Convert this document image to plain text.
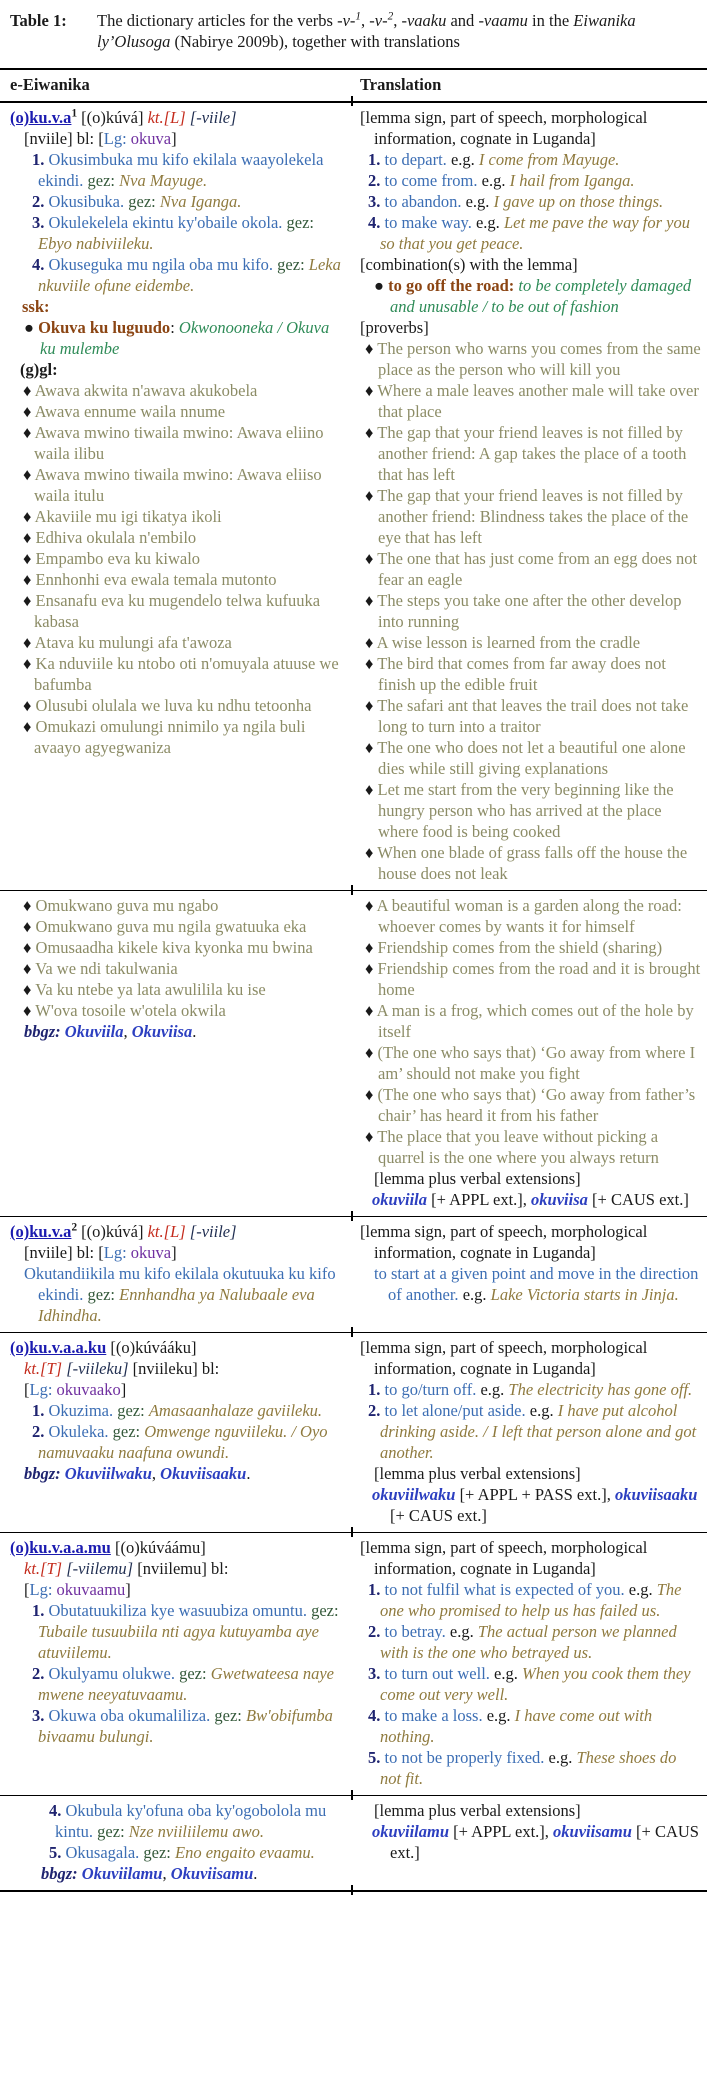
Table 1:	The dictionary articles for the verbs -v-$^1$, -v-$^2$, -vaaku and -vaamu in the Eiwanika ly’Olusoga (Nabirye 2009b), together with translations
e-Eiwanika	Translation
$(o)ku.v.a^1$ [(o)kúvá] kt.[L] [-viile]
[nviile] bl: [Lg: okuva]
1. Okusimbuka mu kifo ekilala waayolekela ekindi. gez: Nva Mayuge.
2. Okusibuka. gez: Nva Iganga.
3. Okulekelela ekintu ky'obaile okola. gez: Ebyo nabiviileku.
4. Okuseguka mu ngila oba mu kifo. gez: Leka nkuviile ofune eidembe.
ssk:
● Okuva ku luguudo: Okwonooneka / Okuva ku mulembe
(g)gl:
♦ Awava akwita n'awava akukobela
♦ Awava ennume waila nnume
♦ Awava mwino tiwaila mwino: Awava eliino waila ilibu
♦ Awava mwino tiwaila mwino: Awava eliiso waila itulu
♦ Akaviile mu igi tikatya ikoli
♦ Edhiva okulala n'embilo
♦ Empambo eva ku kiwalo
♦ Ennhonhi eva ewala temala mutonto
♦ Ensanafu eva ku mugendelo telwa kufuuka kabasa
♦ Atava ku mulungi afa t'awoza
♦ Ka nduviile ku ntobo oti n'omuyala atuuse we bafumba
♦ Olusubi olulala we luva ku ndhu tetoonha
♦ Omukazi omulungi nnimilo ya ngila buli avaayo agyegwaniza
[lemma sign, part of speech, morphological information, cognate in Luganda]
1. to depart. e.g. I come from Mayuge.
2. to come from. e.g. I hail from Iganga.
3. to abandon. e.g. I gave up on those things.
4. to make way. e.g. Let me pave the way for you so that you get peace.
[combination(s) with the lemma]
● to go off the road: to be completely damaged and unusable / to be out of fashion
[proverbs]
♦ The person who warns you comes from the same place as the person who will kill you
♦ Where a male leaves another male will take over that place
♦ The gap that your friend leaves is not filled by another friend: A gap takes the place of a tooth that has left
♦ The gap that your friend leaves is not filled by another friend: Blindness takes the place of the eye that has left
♦ The one that has just come from an egg does not fear an eagle
♦ The steps you take one after the other develop into running
♦ A wise lesson is learned from the cradle
♦ The bird that comes from far away does not finish up the edible fruit
♦ The safari ant that leaves the trail does not take long to turn into a traitor
♦ The one who does not let a beautiful one alone dies while still giving explanations
♦ Let me start from the very beginning like the hungry person who has arrived at the place where food is being cooked
♦ When one blade of grass falls off the house the house does not leak
♦ Omukwano guva mu ngabo
♦ Omukwano guva mu ngila gwatuuka eka
♦ Omusaadha kikele kiva kyonka mu bwina
♦ Va we ndi takulwania
♦ Va ku ntebe ya lata awulilila ku ise
♦ W'ova tosoile w'otela okwila
bbgz: Okuviila, Okuviisa.
♦ A beautiful woman is a garden along the road: whoever comes by wants it for himself
♦ Friendship comes from the shield (sharing)
♦ Friendship comes from the road and it is brought home
♦ A man is a frog, which comes out of the hole by itself
♦ (The one who says that) ‘Go away from where I am’ should not make you fight
♦ (The one who says that) ‘Go away from father’s chair’ has heard it from his father
♦ The place that you leave without picking a quarrel is the one where you always return
[lemma plus verbal extensions]
okuviila [+ APPL ext.], okuviisa [+ CAUS ext.]
$(o)ku.v.a^2$ [(o)kúvá] kt.[L] [-viile]
[nviile] bl: [Lg: okuva]
Okutandiikila mu kifo ekilala okutuuka ku kifo ekindi. gez: Ennhandha ya Nalubaale eva Idhindha.
[lemma sign, part of speech, morphological information, cognate in Luganda]
to start at a given point and move in the direction of another. e.g. Lake Victoria starts in Jinja.
(o)ku.v.a.a.ku [(o)kúvááku]
kt.[T] [-viileku] [nviileku] bl:
[Lg: okuvaako]
1. Okuzima. gez: Amasaanhalaze gaviileku.
2. Okuleka. gez: Omwenge nguviileku. / Oyo namuvaaku naafuna owundi.
bbgz: Okuviilwaku, Okuviisaaku.
[lemma sign, part of speech, morphological information, cognate in Luganda]
1. to go/turn off. e.g. The electricity has gone off.
2. to let alone/put aside. e.g. I have put alcohol drinking aside. / I left that person alone and got another.
[lemma plus verbal extensions]
okuviilwaku [+ APPL + PASS ext.], okuviisaaku [+ CAUS ext.]
(o)ku.v.a.a.mu [(o)kúváámu]
kt.[T] [-viilemu] [nviilemu] bl:
[Lg: okuvaamu]
1. Obutatuukiliza kye wasuubiza omuntu. gez: Tubaile tusuubiila nti agya kutuyamba aye atuviilemu.
2. Okulyamu olukwe. gez: Gwetwateesa naye mwene neeyatuvaamu.
3. Okuwa oba okumaliliza. gez: Bw'obifumba bivaamu bulungi.
[lemma sign, part of speech, morphological information, cognate in Luganda]
1. to not fulfil what is expected of you. e.g. The one who promised to help us has failed us.
2. to betray. e.g. The actual person we planned with is the one who betrayed us.
3. to turn out well. e.g. When you cook them they come out very well.
4. to make a loss. e.g. I have come out with nothing.
5. to not be properly fixed. e.g. These shoes do not fit.
4. Okubula ky'ofuna oba ky'ogobolola mu kintu. gez: Nze nviiliilemu awo.
5. Okusagala. gez: Eno engaito evaamu.
bbgz: Okuviilamu, Okuviisamu.
[lemma plus verbal extensions]
okuviilamu [+ APPL ext.], okuviisamu [+ CAUS ext.]
